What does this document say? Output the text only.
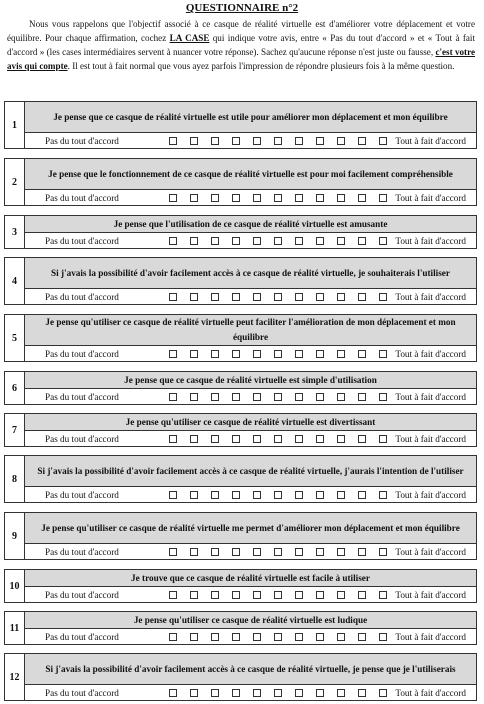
QUESTIONNAIRE n°2
Nous vous rappelons que l'objectif associé à ce casque de réalité virtuelle est d'améliorer votre déplacement et votre équilibre. Pour chaque affirmation, cochez LA CASE qui indique votre avis, entre « Pas du tout d'accord » et « Tout à fait d'accord » (les cases intermédiaires servent à nuancer votre réponse). Sachez qu'aucune réponse n'est juste ou fausse, c'est votre avis qui compte. Il est tout à fait normal que vous ayez parfois l'impression de répondre plusieurs fois à la même question.
1
Je pense que ce casque de réalité virtuelle est utile pour améliorer mon déplacement et mon équilibre
Pas du tout d'accord	Tout à fait d'accord
2
Je pense que le fonctionnement de ce casque de réalité virtuelle est pour moi facilement compréhensible
Pas du tout d'accord	Tout à fait d'accord
3
Je pense que l'utilisation de ce casque de réalité virtuelle est amusante
Pas du tout d'accord	Tout à fait d'accord
4
Si j'avais la possibilité d'avoir facilement accès à ce casque de réalité virtuelle, je souhaiterais l'utiliser
Pas du tout d'accord	Tout à fait d'accord
5
Je pense qu'utiliser ce casque de réalité virtuelle peut faciliter l'amélioration de mon déplacement et mon équilibre
Pas du tout d'accord	Tout à fait d'accord
6
Je pense que ce casque de réalité virtuelle est simple d'utilisation
Pas du tout d'accord	Tout à fait d'accord
7
Je pense qu'utiliser ce casque de réalité virtuelle est divertissant
Pas du tout d'accord	Tout à fait d'accord
8
Si j'avais la possibilité d'avoir facilement accès à ce casque de réalité virtuelle, j'aurais l'intention de l'utiliser
Pas du tout d'accord	Tout à fait d'accord
9
Je pense qu'utiliser ce casque de réalité virtuelle me permet d'améliorer mon déplacement et mon équilibre
Pas du tout d'accord	Tout à fait d'accord
10
Je trouve que ce casque de réalité virtuelle est facile à utiliser
Pas du tout d'accord	Tout à fait d'accord
11
Je pense qu'utiliser ce casque de réalité virtuelle est ludique
Pas du tout d'accord	Tout à fait d'accord
12
Si j'avais la possibilité d'avoir facilement accès à ce casque de réalité virtuelle, je pense que je l'utiliserais
Pas du tout d'accord	Tout à fait d'accord
